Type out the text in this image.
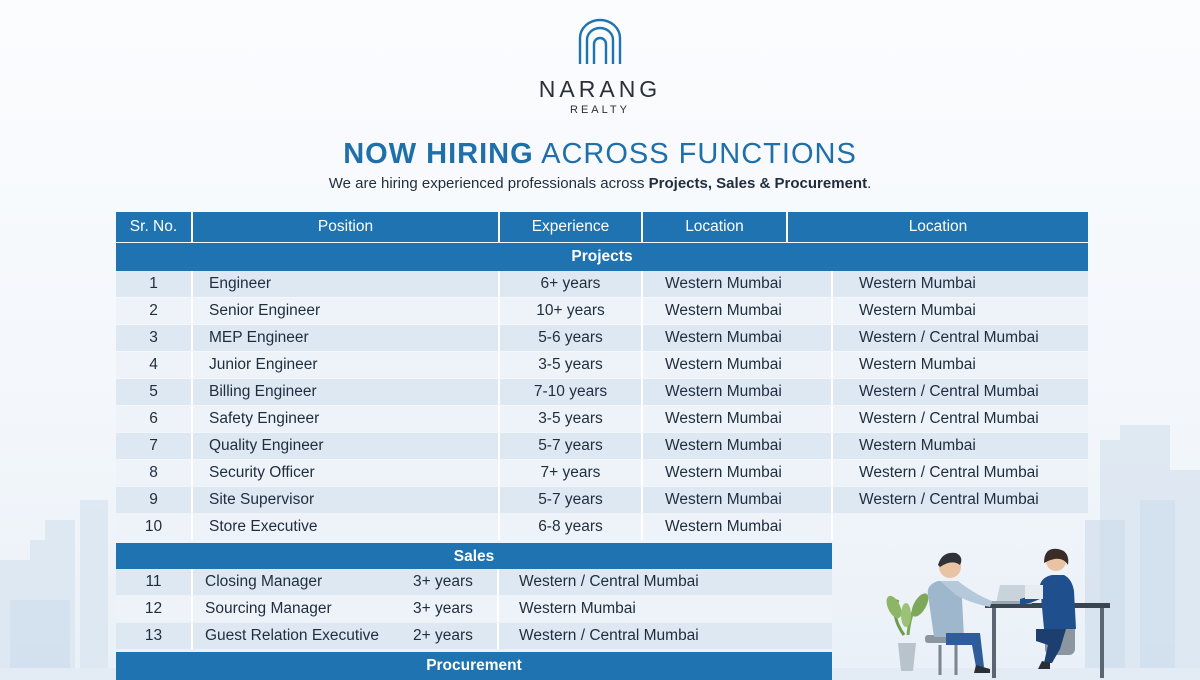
NARANG
REALTY
NOW HIRING ACROSS FUNCTIONS
We are hiring experienced professionals across Projects, Sales & Procurement.
Sr. No.	Position	Experience	Location	Location
Projects
1	Engineer	6+ years	Western Mumbai	Western Mumbai
2	Senior Engineer	10+ years	Western Mumbai	Western Mumbai
3	MEP Engineer	5-6 years	Western Mumbai	Western / Central Mumbai
4	Junior Engineer	3-5 years	Western Mumbai	Western Mumbai
5	Billing Engineer	7-10 years	Western Mumbai	Western / Central Mumbai
6	Safety Engineer	3-5 years	Western Mumbai	Western / Central Mumbai
7	Quality Engineer	5-7 years	Western Mumbai	Western Mumbai
8	Security Officer	7+ years	Western Mumbai	Western / Central Mumbai
9	Site Supervisor	5-7 years	Western Mumbai	Western / Central Mumbai
10	Store Executive	6-8 years	Western Mumbai
Sales
11	Closing Manager	3+ years	Western / Central Mumbai
12	Sourcing Manager	3+ years	Western Mumbai
13	Guest Relation Executive	2+ years	Western / Central Mumbai
Procurement
